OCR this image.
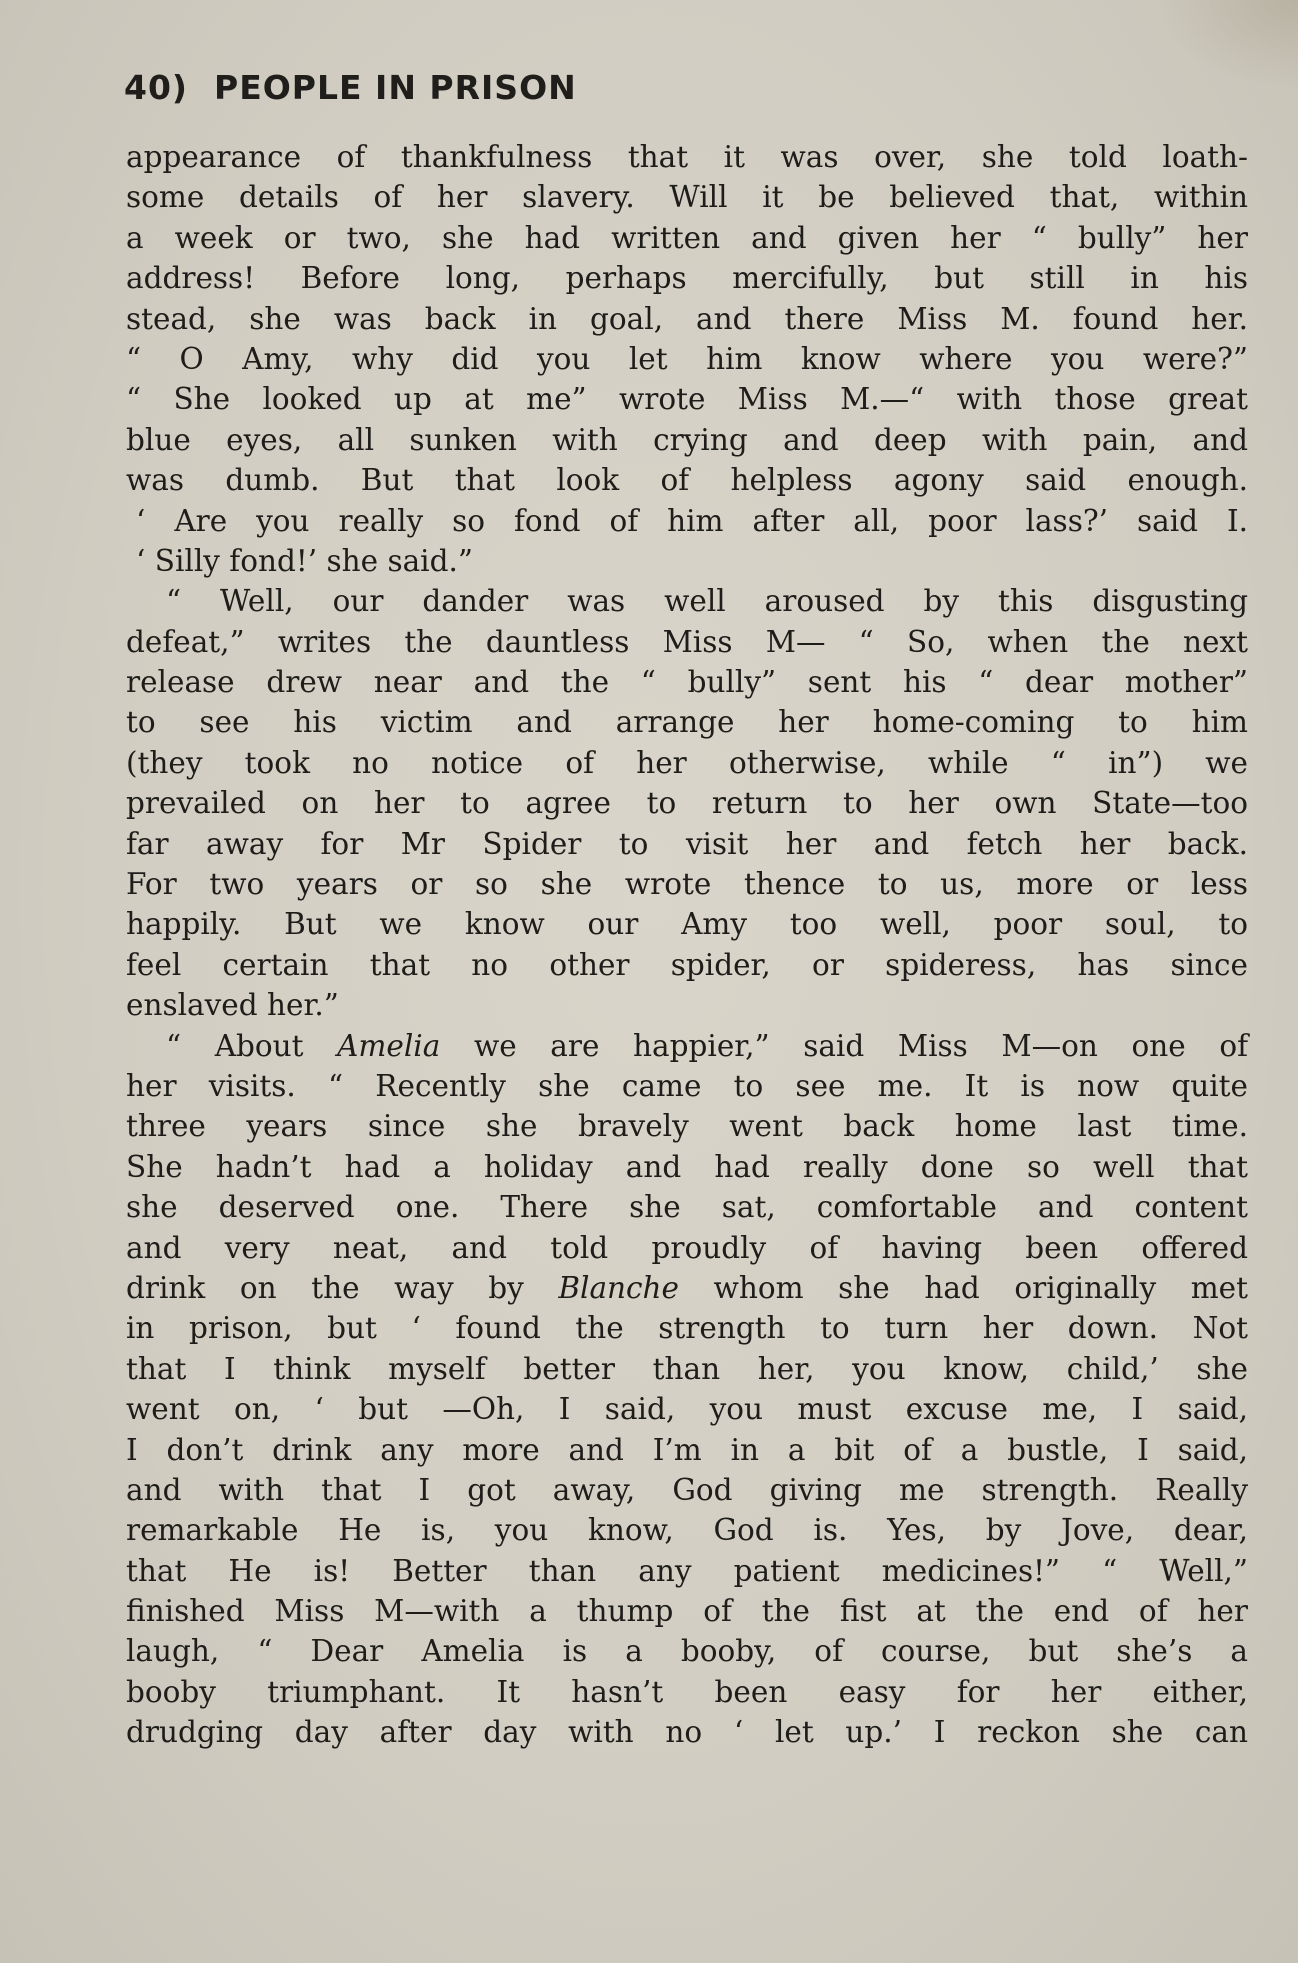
40) PEOPLE IN PRISON
appearance of thankfulness that it was over, she told loath-
some details of her slavery. Will it be believed that, within
a week or two, she had written and given her “ bully” her
address! Before long, perhaps mercifully, but still in his
stead, she was back in goal, and there Miss M. found her.
“ O Amy, why did you let him know where you were?”
“ She looked up at me” wrote Miss M.—“ with those great
blue eyes, all sunken with crying and deep with pain, and
was dumb. But that look of helpless agony said enough.
‘ Are you really so fond of him after all, poor lass?’ said I.
‘ Silly fond!’ she said.”
“ Well, our dander was well aroused by this disgusting
defeat,” writes the dauntless Miss M— “ So, when the next
release drew near and the “ bully” sent his “ dear mother”
to see his victim and arrange her home-coming to him
(they took no notice of her otherwise, while “ in”) we
prevailed on her to agree to return to her own State—too
far away for Mr Spider to visit her and fetch her back.
For two years or so she wrote thence to us, more or less
happily. But we know our Amy too well, poor soul, to
feel certain that no other spider, or spideress, has since
enslaved her.”
“ About Amelia we are happier,” said Miss M—on one of
her visits. “ Recently she came to see me. It is now quite
three years since she bravely went back home last time.
She hadn’t had a holiday and had really done so well that
she deserved one. There she sat, comfortable and content
and very neat, and told proudly of having been offered
drink on the way by Blanche whom she had originally met
in prison, but ‘ found the strength to turn her down. Not
that I think myself better than her, you know, child,’ she
went on, ‘ but —Oh, I said, you must excuse me, I said,
I don’t drink any more and I’m in a bit of a bustle, I said,
and with that I got away, God giving me strength. Really
remarkable He is, you know, God is. Yes, by Jove, dear,
that He is! Better than any patient medicines!” “ Well,”
finished Miss M—with a thump of the fist at the end of her
laugh, “ Dear Amelia is a booby, of course, but she’s a
booby triumphant. It hasn’t been easy for her either,
drudging day after day with no ‘ let up.’ I reckon she can
